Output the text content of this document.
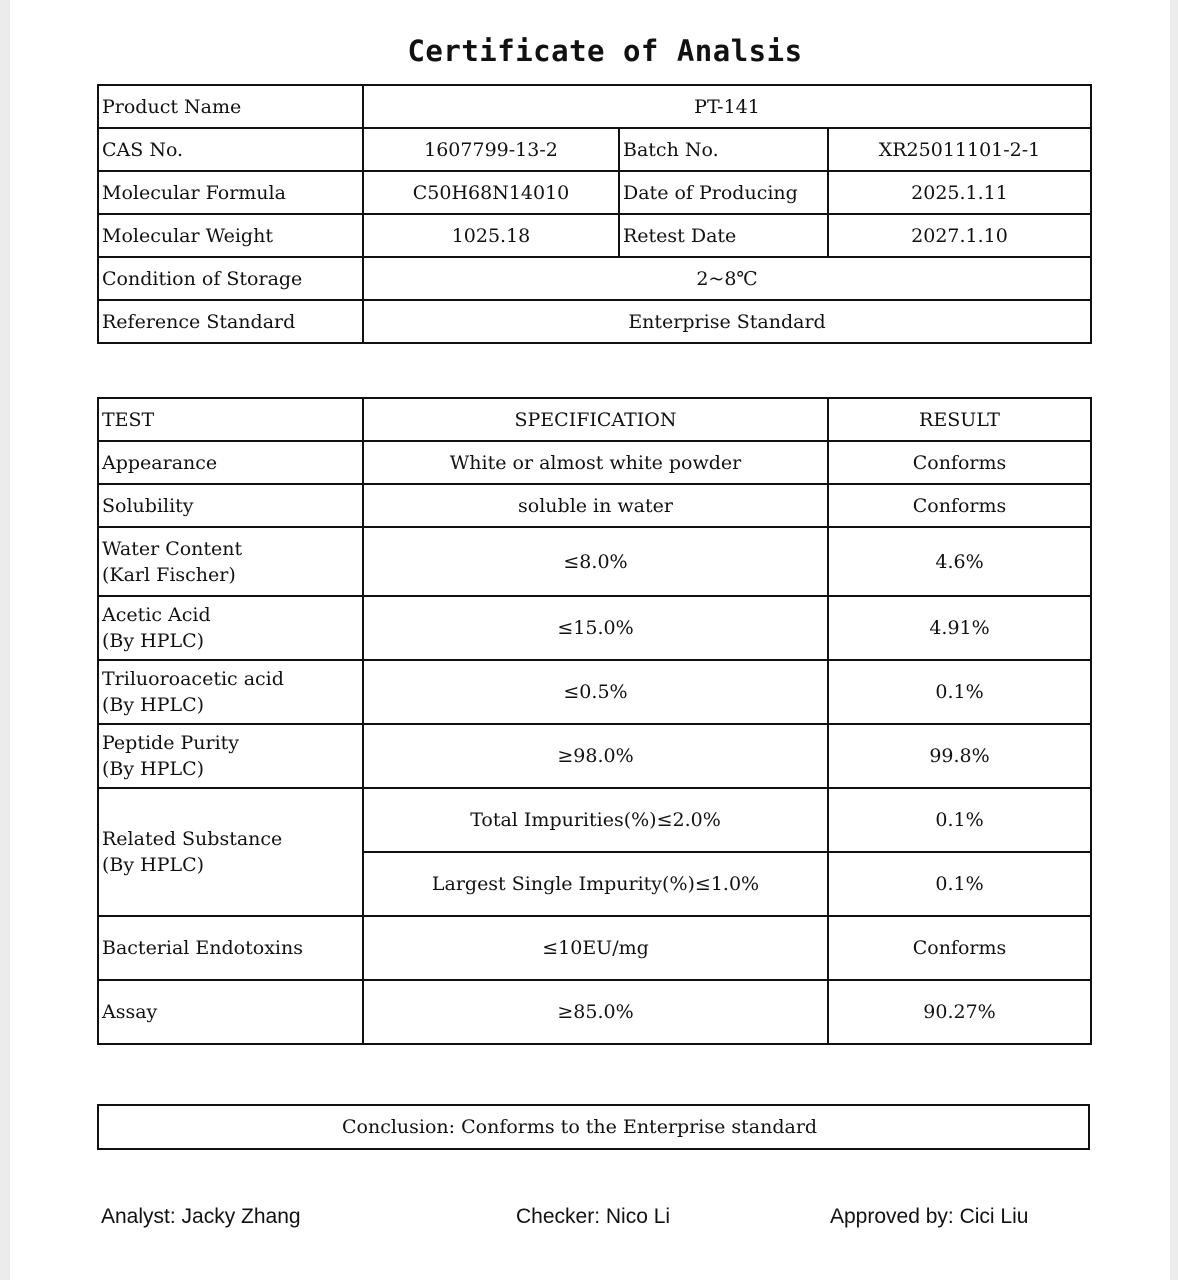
Certificate of Analsis
Product Name	PT-141		
CAS No.	1607799-13-2	Batch No.	XR25011101-2-1
Molecular Formula	C50H68N14010	Date of Producing	2025.1.11
Molecular Weight	1025.18	Retest Date	2027.1.10
Condition of Storage	2~8℃		
Reference Standard	Enterprise Standard		
TEST	SPECIFICATION	RESULT
Appearance	White or almost white powder	Conforms
Solubility	soluble in water	Conforms

Water Content
(Karl Fischer)	≤8.0%	4.6%

Acetic Acid
(By HPLC)	≤15.0%	4.91%

Triluoroacetic acid
(By HPLC)	≤0.5%	0.1%

Peptide Purity
(By HPLC)	≥98.0%	99.8%

Related Substance
(By HPLC)	Total Impurities(%)≤2.0%	0.1%
	Largest Single Impurity(%)≤1.0%	0.1%
Bacterial Endotoxins	≤10EU/mg	Conforms
Assay	≥85.0%	90.27%
Conclusion: Conforms to the Enterprise standard
Analyst: Jacky Zhang	Checker: Nico Li	Approved by: Cici Liu
